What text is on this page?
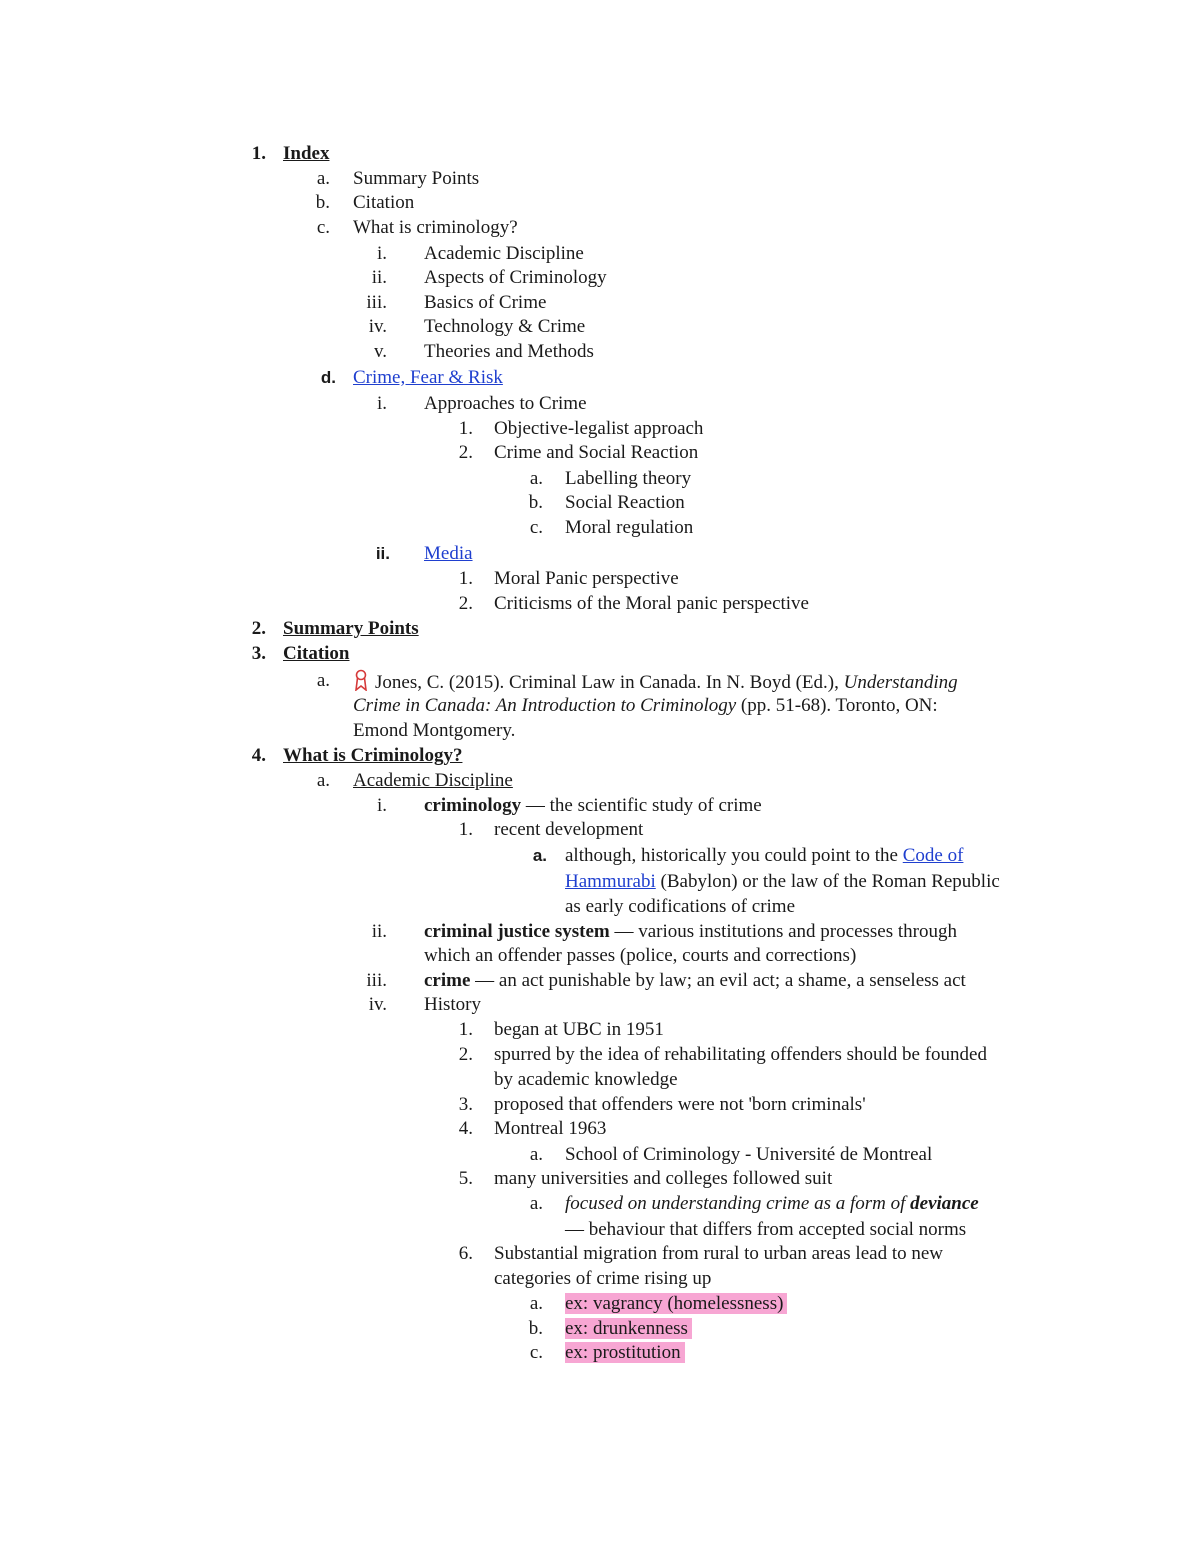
1. Index
a. Summary Points
b. Citation
c. What is criminology?
i. Academic Discipline
ii. Aspects of Criminology
iii. Basics of Crime
iv. Technology & Crime
v. Theories and Methods
d. Crime, Fear & Risk
i. Approaches to Crime
1. Objective-legalist approach
2. Crime and Social Reaction
a. Labelling theory
b. Social Reaction
c. Moral regulation
ii. Media
1. Moral Panic perspective
2. Criticisms of the Moral panic perspective
2. Summary Points
3. Citation
a.	Jones, C. (2015). Criminal Law in Canada. In N. Boyd (Ed.), Understanding
Crime in Canada: An Introduction to Criminology (pp. 51-68). Toronto, ON:
Emond Montgomery.
4. What is Criminology?
a. Academic Discipline
i. criminology — the scientific study of crime
1. recent development
a. although, historically you could point to the Code of
Hammurabi (Babylon) or the law of the Roman Republic
as early codifications of crime
ii. criminal justice system — various institutions and processes through
which an offender passes (police, courts and corrections)
iii. crime — an act punishable by law; an evil act; a shame, a senseless act
iv. History
1. began at UBC in 1951
2. spurred by the idea of rehabilitating offenders should be founded
by academic knowledge
3. proposed that offenders were not 'born criminals'
4. Montreal 1963
a. School of Criminology - Université de Montreal
5. many universities and colleges followed suit
a. focused on understanding crime as a form of deviance
— behaviour that differs from accepted social norms
6. Substantial migration from rural to urban areas lead to new
categories of crime rising up
a. ex: vagrancy (homelessness)
b. ex: drunkenness
c. ex: prostitution
